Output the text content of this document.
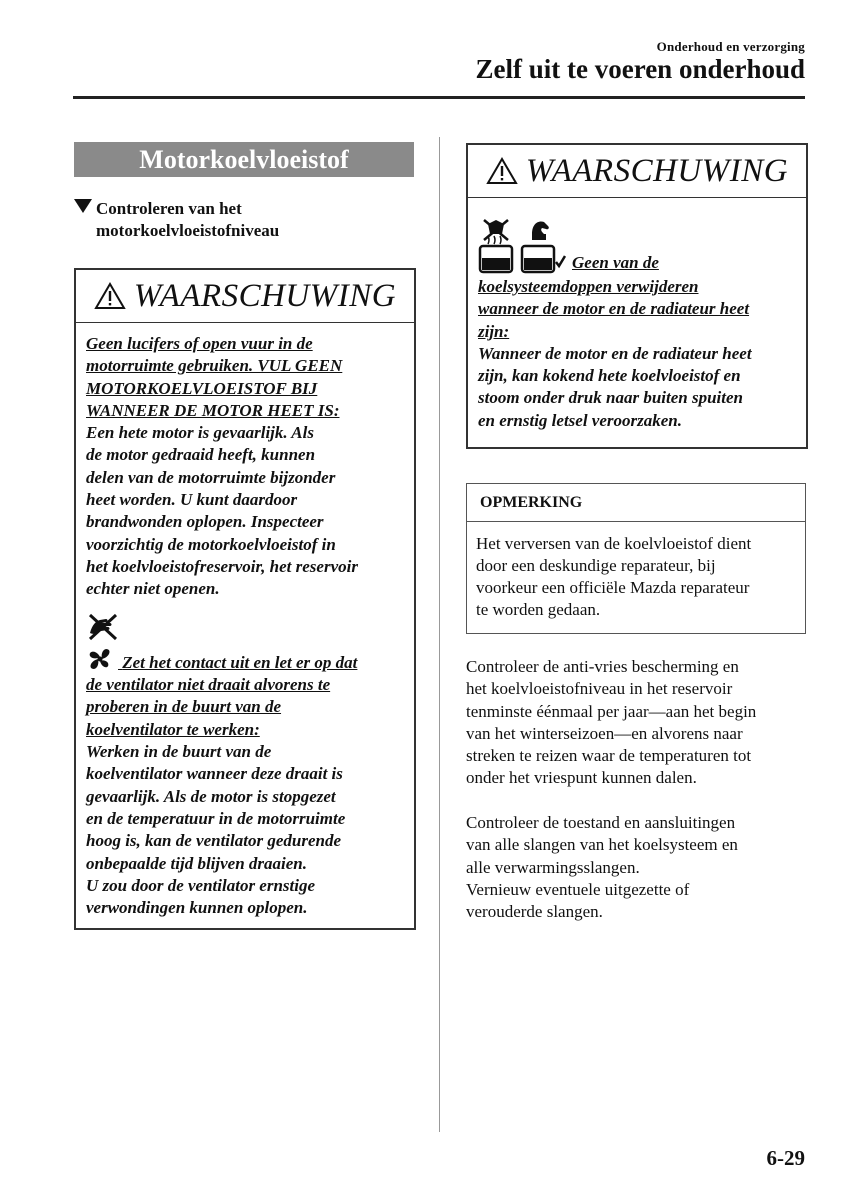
Onderhoud en verzorging
Zelf uit te voeren onderhoud
Motorkoelvloeistof
Controleren van het
motorkoelvloeistofniveau
WAARSCHUWING
Geen lucifers of open vuur in de
motorruimte gebruiken. VUL GEEN
MOTORKOELVLOEISTOF BIJ
WANNEER DE MOTOR HEET IS:
Een hete motor is gevaarlijk. Als
de motor gedraaid heeft, kunnen
delen van de motorruimte bijzonder
heet worden. U kunt daardoor
brandwonden oplopen. Inspecteer
voorzichtig de motorkoelvloeistof in
het koelvloeistofreservoir, het reservoir
echter niet openen.
Zet het contact uit en let er op dat
de ventilator niet draait alvorens te
proberen in de buurt van de
koelventilator te werken:
Werken in de buurt van de
koelventilator wanneer deze draait is
gevaarlijk. Als de motor is stopgezet
en de temperatuur in de motorruimte
hoog is, kan de ventilator gedurende
onbepaalde tijd blijven draaien.
U zou door de ventilator ernstige
verwondingen kunnen oplopen.
WAARSCHUWING
Geen van de
koelsysteemdoppen verwijderen
wanneer de motor en de radiateur heet
zijn:
Wanneer de motor en de radiateur heet
zijn, kan kokend hete koelvloeistof en
stoom onder druk naar buiten spuiten
en ernstig letsel veroorzaken.
OPMERKING
Het verversen van de koelvloeistof dient
door een deskundige reparateur, bij
voorkeur een officiële Mazda reparateur
te worden gedaan.
Controleer de anti-vries bescherming en
het koelvloeistofniveau in het reservoir
tenminste éénmaal per jaar—aan het begin
van het winterseizoen—en alvorens naar
streken te reizen waar de temperaturen tot
onder het vriespunt kunnen dalen.
Controleer de toestand en aansluitingen
van alle slangen van het koelsysteem en
alle verwarmingsslangen.
Vernieuw eventuele uitgezette of
verouderde slangen.
6-29
